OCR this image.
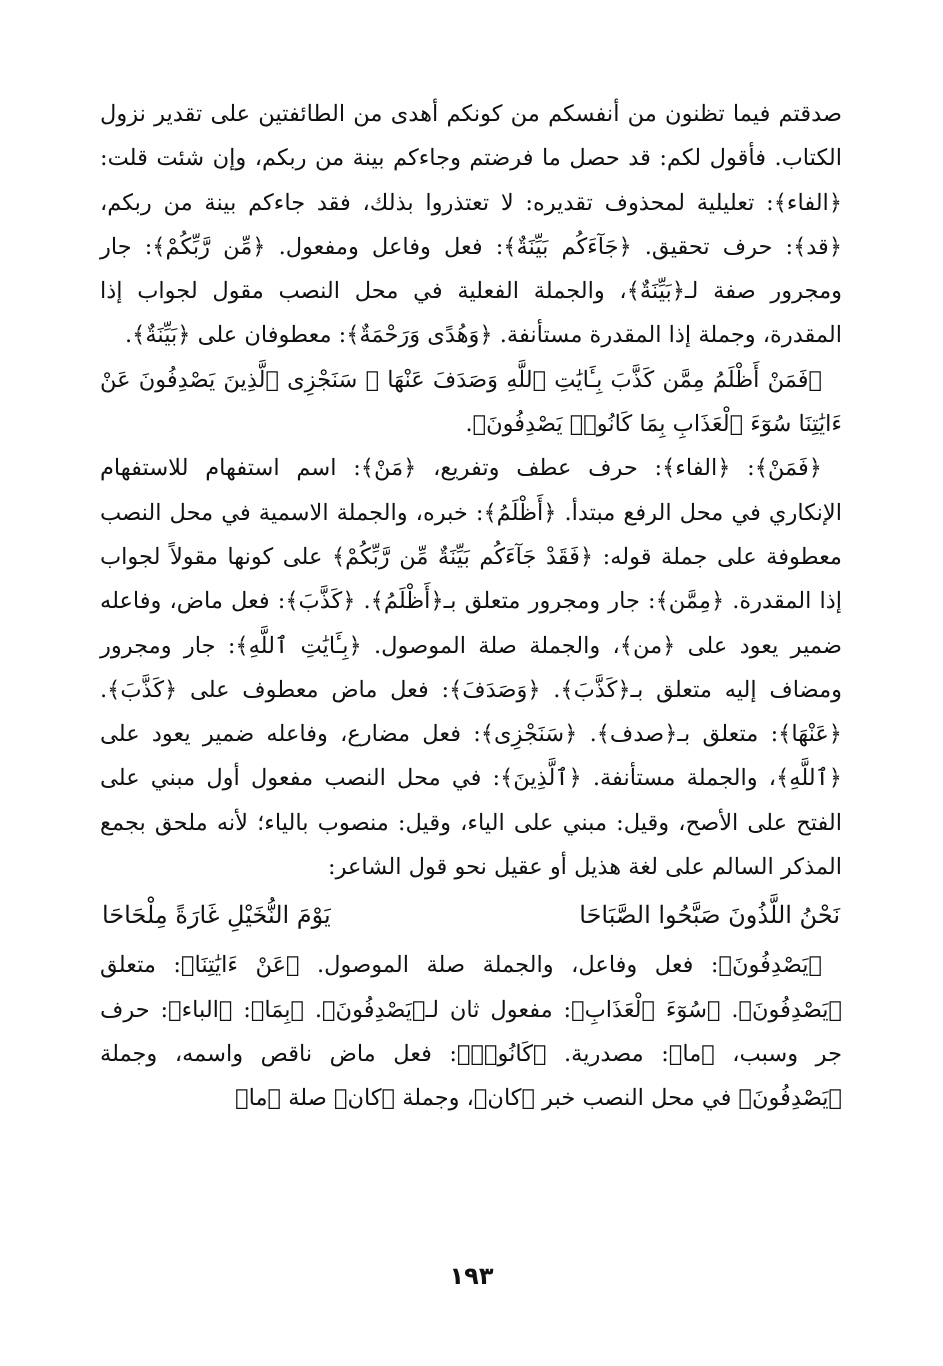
صدقتم فيما تظنون من أنفسكم من كونكم أهدى من الطائفتين على تقدير نزول الكتاب. فأقول لكم: قد حصل ما فرضتم وجاءكم بينة من ربكم، وإن شئت قلت: ﴿الفاء﴾: تعليلية لمحذوف تقديره: لا تعتذروا بذلك، فقد جاءكم بينة من ربكم، ﴿قد﴾: حرف تحقيق. ﴿جَآءَكُم بَيِّنَةٌ﴾: فعل وفاعل ومفعول. ﴿مِّن رَّبِّكُمْ﴾: جار ومجرور صفة لـ﴿بَيِّنَةٌ﴾، والجملة الفعلية في محل النصب مقول لجواب إذا المقدرة، وجملة إذا المقدرة مستأنفة. ﴿وَهُدًى وَرَحْمَةٌ﴾: معطوفان على ﴿بَيِّنَةٌ﴾.

﴿فَمَنْ أَظْلَمُ مِمَّن كَذَّبَ بِـَٔايَٰتِ ٱللَّهِ وَصَدَفَ عَنْهَا ۗ سَنَجْزِى ٱلَّذِينَ يَصْدِفُونَ عَنْ ءَايَٰتِنَا سُوٓءَ ٱلْعَذَابِ بِمَا كَانُوا۟ يَصْدِفُونَ﴾.

﴿فَمَنْ﴾: ﴿الفاء﴾: حرف عطف وتفريع، ﴿مَنْ﴾: اسم استفهام للاستفهام الإنكاري في محل الرفع مبتدأ. ﴿أَظْلَمُ﴾: خبره، والجملة الاسمية في محل النصب معطوفة على جملة قوله: ﴿فَقَدْ جَآءَكُم بَيِّنَةٌ مِّن رَّبِّكُمْ﴾ على كونها مقولاً لجواب إذا المقدرة. ﴿مِمَّن﴾: جار ومجرور متعلق بـ﴿أَظْلَمُ﴾. ﴿كَذَّبَ﴾: فعل ماض، وفاعله ضمير يعود على ﴿من﴾، والجملة صلة الموصول. ﴿بِـَٔايَٰتِ ٱللَّهِ﴾: جار ومجرور ومضاف إليه متعلق بـ﴿كَذَّبَ﴾. ﴿وَصَدَفَ﴾: فعل ماض معطوف على ﴿كَذَّبَ﴾. ﴿عَنْهَا﴾: متعلق بـ﴿صدف﴾. ﴿سَنَجْزِى﴾: فعل مضارع، وفاعله ضمير يعود على ﴿ٱللَّهِ﴾، والجملة مستأنفة. ﴿ٱلَّذِينَ﴾: في محل النصب مفعول أول مبني على الفتح على الأصح، وقيل: مبني على الياء، وقيل: منصوب بالياء؛ لأنه ملحق بجمع المذكر السالم على لغة هذيل أو عقيل نحو قول الشاعر:

نَحْنُ اللَّذُونَ صَبَّحُوا الصَّبَاحَا
يَوْمَ النُّخَيْلِ غَارَةً مِلْحَاحَا

﴿يَصْدِفُونَ﴾: فعل وفاعل، والجملة صلة الموصول. ﴿عَنْ ءَايَٰتِنَا﴾: متعلق ﴿يَصْدِفُونَ﴾. ﴿سُوٓءَ ٱلْعَذَابِ﴾: مفعول ثان لـ﴿يَصْدِفُونَ﴾. ﴿بِمَا﴾: ﴿الباء﴾: حرف جر وسبب، ﴿ما﴾: مصدرية. ﴿كَانُوا۟﴾: فعل ماض ناقص واسمه، وجملة ﴿يَصْدِفُونَ﴾ في محل النصب خبر ﴿كان﴾، وجملة ﴿كان﴾ صلة ﴿ما﴾

١٩٣
